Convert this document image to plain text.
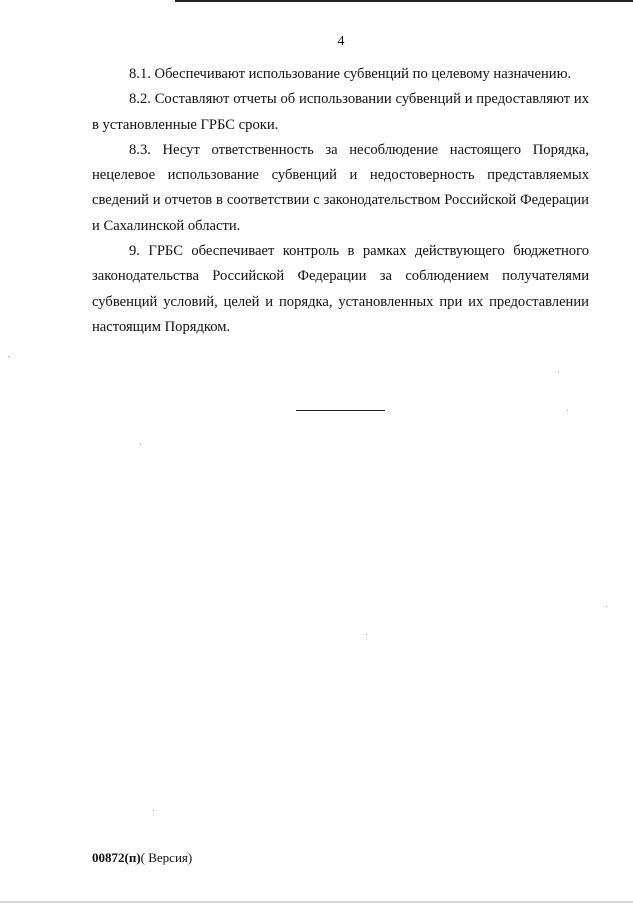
4

8.1. Обеспечивают использование субвенций по целевому назначению.

8.2. Составляют отчеты об использовании субвенций и предоставляют их в установленные ГРБС сроки.

8.3. Несут ответственность за несоблюдение настоящего Порядка, нецелевое использование субвенций и недостоверность представляемых сведений и отчетов в соответствии с законодательством Российской Федерации и Сахалинской области.

9. ГРБС обеспечивает контроль в рамках действующего бюджетного законодательства Российской Федерации за соблюдением получателями субвенций условий, целей и порядка, установленных при их предоставлении настоящим Порядком.

00872(п)( Версия)
